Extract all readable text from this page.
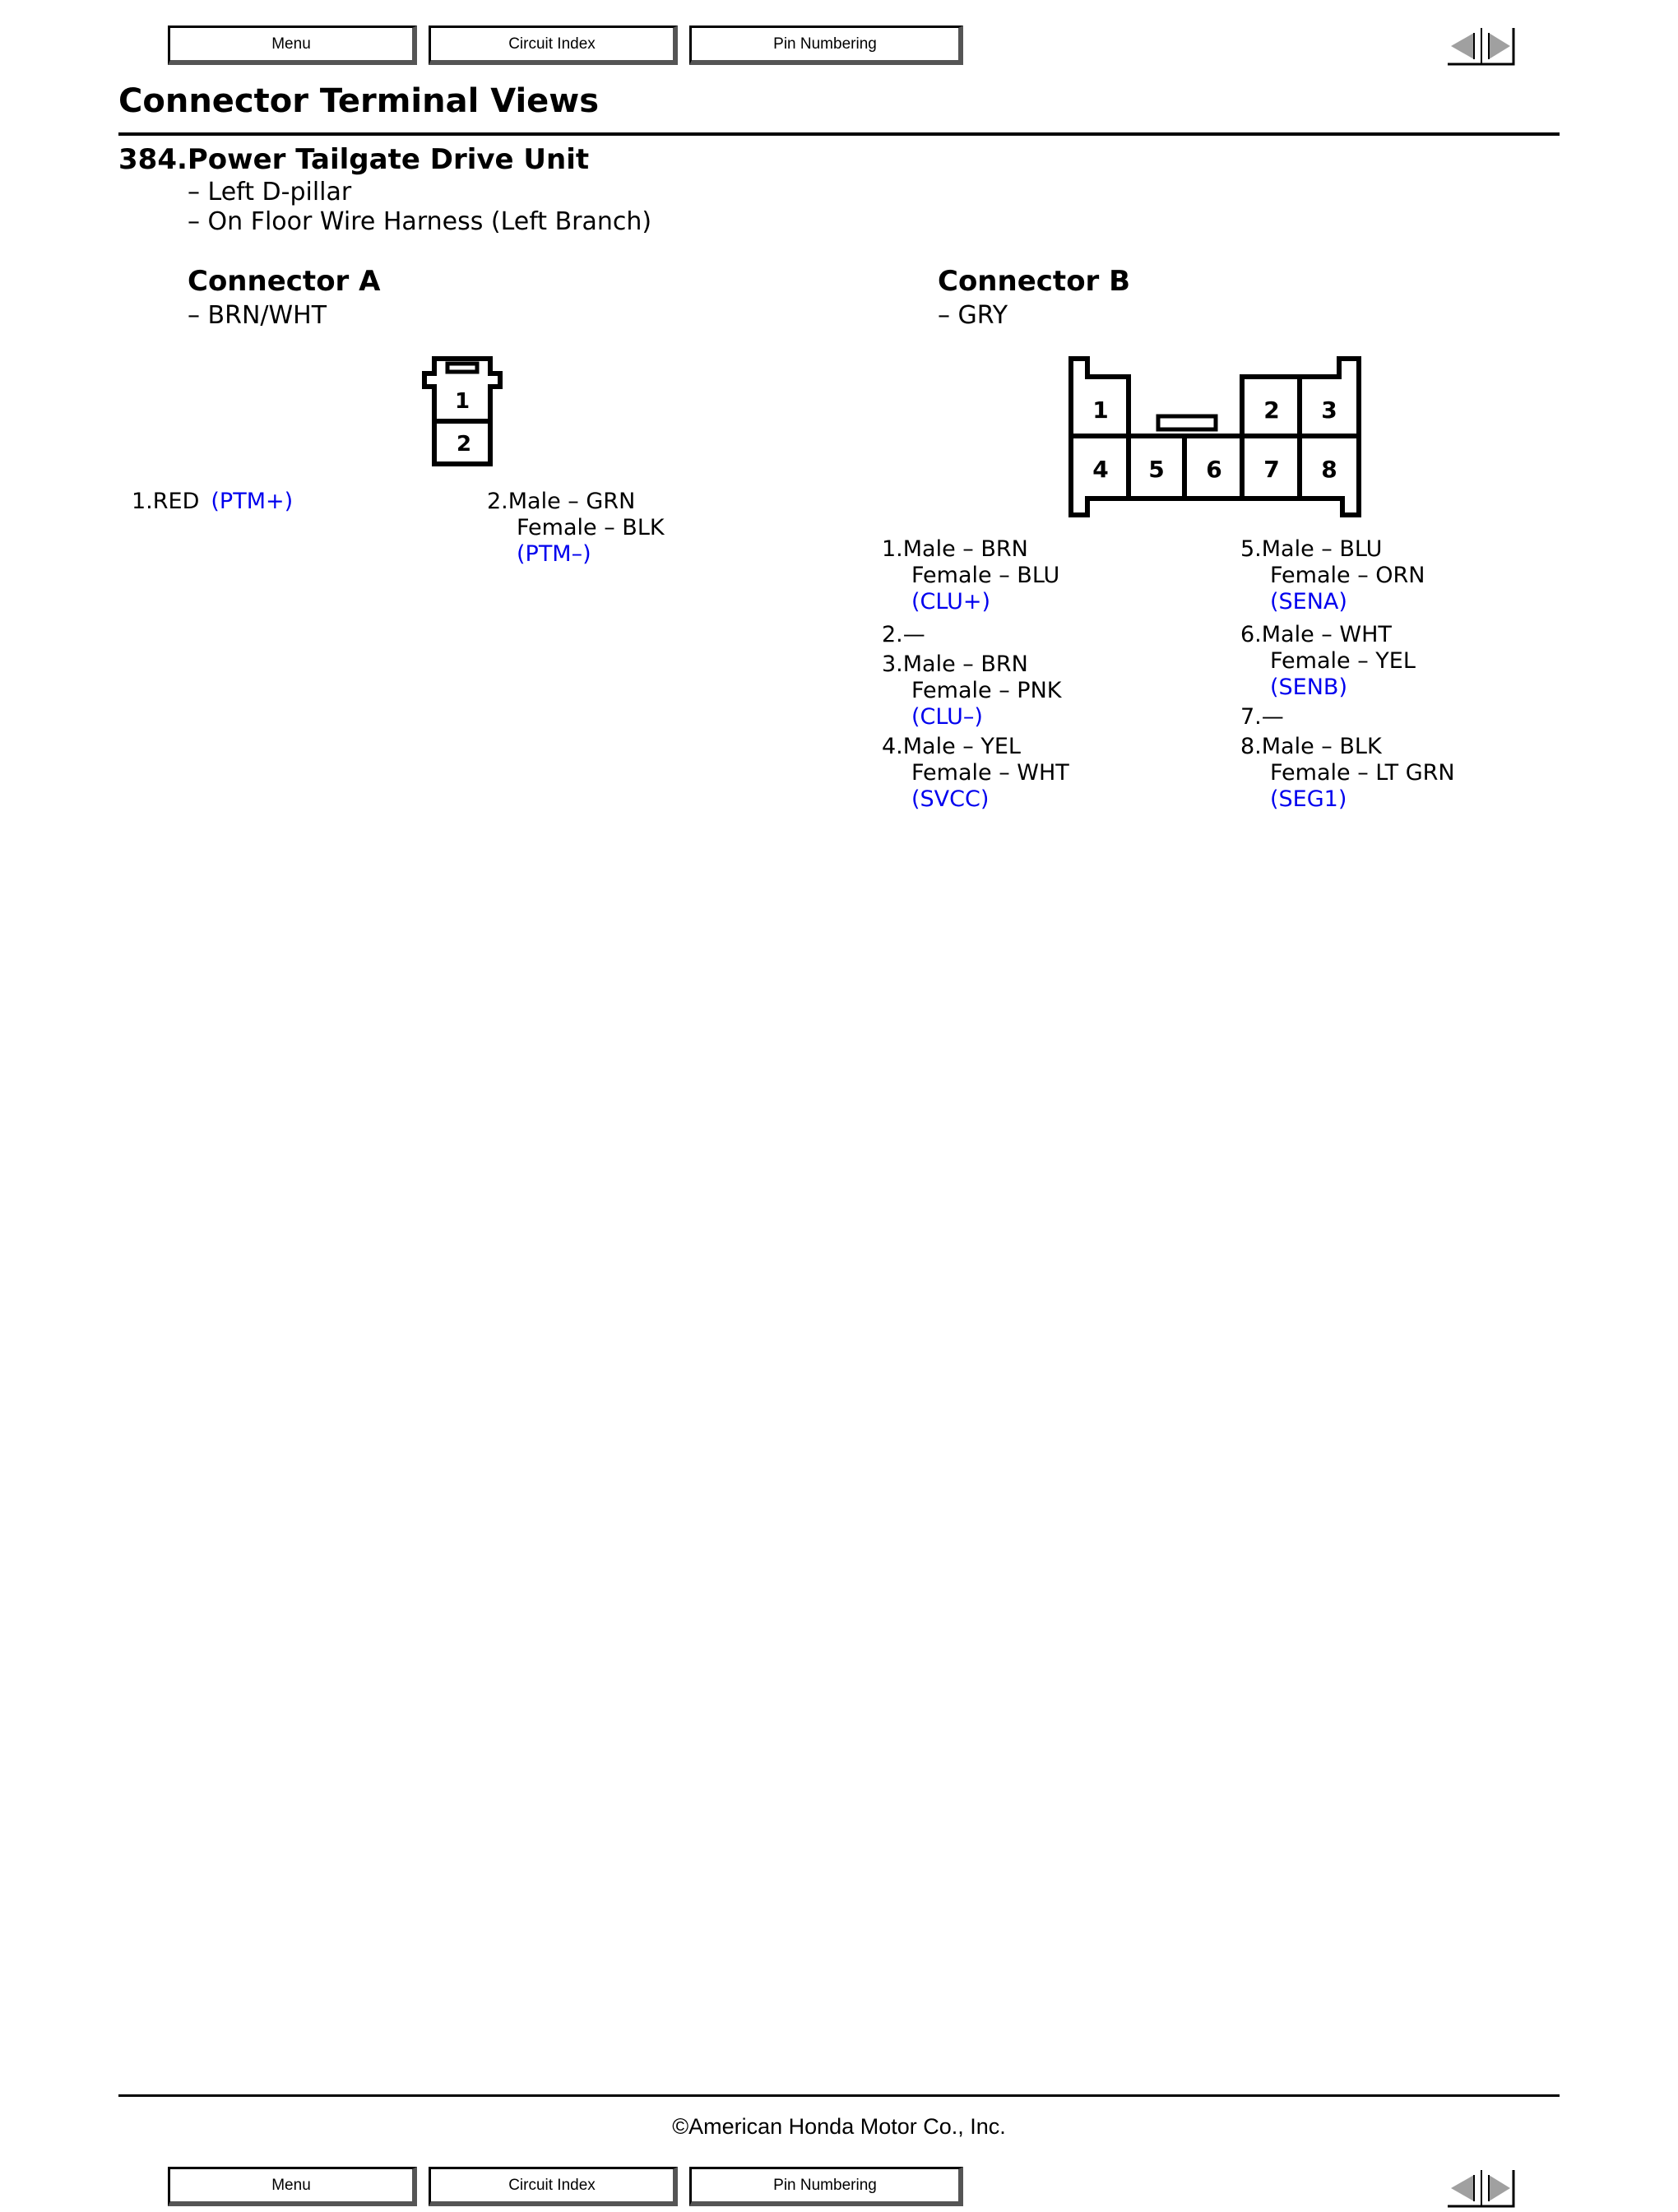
Menu	Circuit Index	Pin Numbering
Connector Terminal Views
384.Power Tailgate Drive Unit
– Left D-pillar
– On Floor Wire Harness (Left Branch)
Connector A
– BRN/WHT
1
2
1.RED (PTM+)	2.Male – GRN
Female – BLK
(PTM–)
Connector B
– GRY
1	2 3
4 5 6 7 8
1.Male – BRN
Female – BLU
(CLU+)
2.—
3.Male – BRN
Female – PNK
(CLU–)
4.Male – YEL
Female – WHT
(SVCC)
5.Male – BLU
Female – ORN
(SENA)
6.Male – WHT
Female – YEL
(SENB)
7.—
8.Male – BLK
Female – LT GRN
(SEG1)
©American Honda Motor Co., Inc.
Menu	Circuit Index	Pin Numbering
